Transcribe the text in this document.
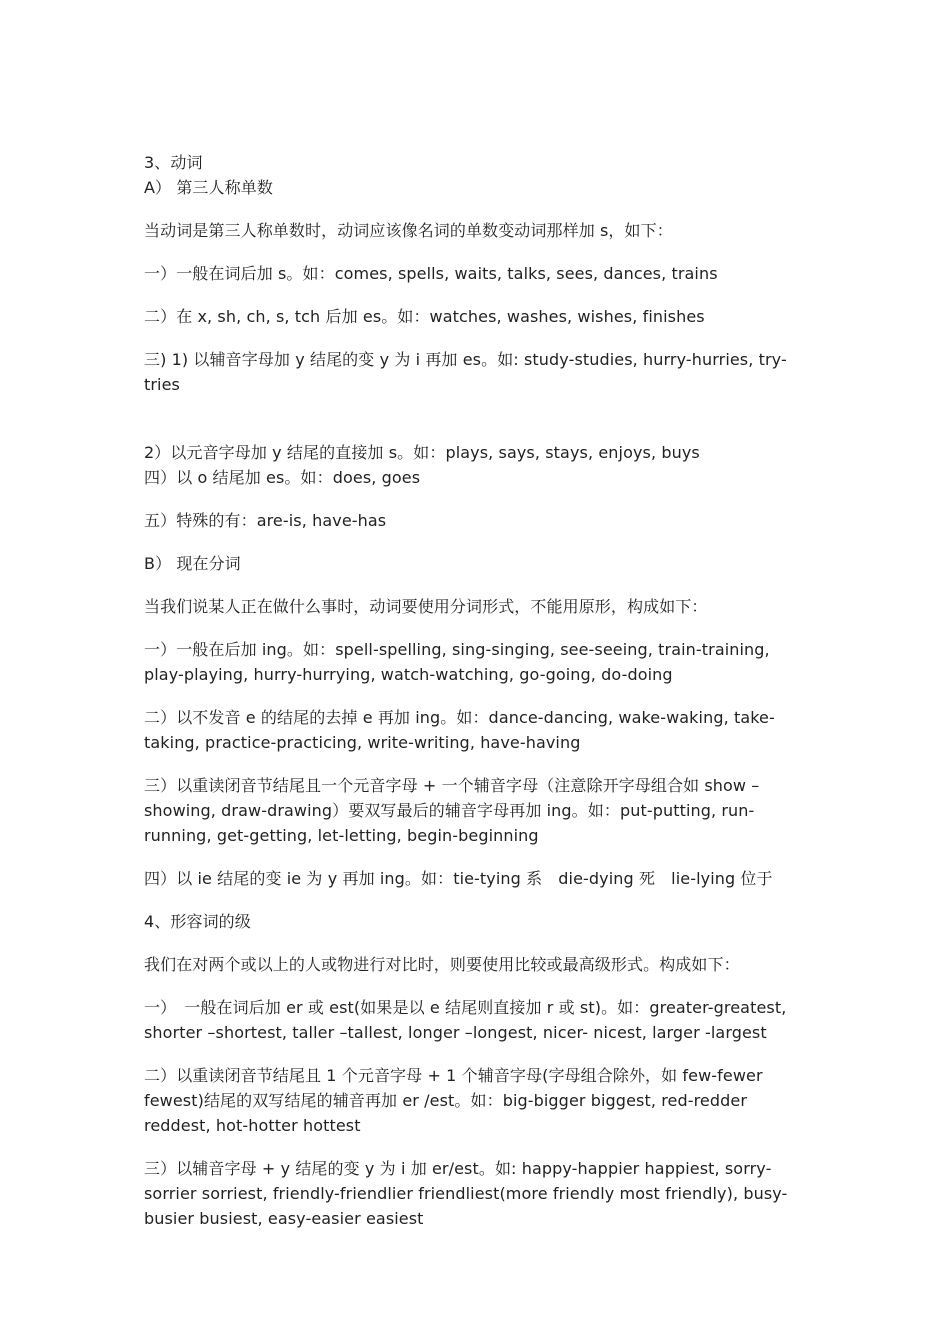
3、动词

A） 第三人称单数

当动词是第三人称单数时，动词应该像名词的单数变动词那样加 s，如下：

一）一般在词后加 s。如：comes, spells, waits, talks, sees, dances, trains

二）在 x, sh, ch, s, tch 后加 es。如：watches, washes, wishes, finishes

三) 1) 以辅音字母加 y 结尾的变 y 为 i 再加 es。如: study-studies, hurry-hurries, try-tries

2）以元音字母加 y 结尾的直接加 s。如：plays, says, stays, enjoys, buys

四）以 o 结尾加 es。如：does, goes

五）特殊的有：are-is, have-has

B） 现在分词

当我们说某人正在做什么事时，动词要使用分词形式，不能用原形，构成如下：

一）一般在后加 ing。如：spell-spelling, sing-singing, see-seeing, train-training, play-playing, hurry-hurrying, watch-watching, go-going, do-doing

二）以不发音 e 的结尾的去掉 e 再加 ing。如：dance-dancing, wake-waking, take-taking, practice-practicing, write-writing, have-having

三）以重读闭音节结尾且一个元音字母 + 一个辅音字母（注意除开字母组合如 show – showing, draw-drawing）要双写最后的辅音字母再加 ing。如：put-putting, run-running, get-getting, let-letting, begin-beginning

四）以 ie 结尾的变 ie 为 y 再加 ing。如：tie-tying 系　die-dying 死　lie-lying 位于

4、形容词的级

我们在对两个或以上的人或物进行对比时，则要使用比较或最高级形式。构成如下：

一）　一般在词后加 er 或 est(如果是以 e 结尾则直接加 r 或 st)。如：greater-greatest, shorter –shortest, taller –tallest, longer –longest, nicer- nicest, larger -largest

二）以重读闭音节结尾且 1 个元音字母 + 1 个辅音字母(字母组合除外，如 few-fewer fewest)结尾的双写结尾的辅音再加 er /est。如：big-bigger biggest, red-redder reddest, hot-hotter hottest

三）以辅音字母 + y 结尾的变 y 为 i 加 er/est。如: happy-happier happiest, sorry-sorrier sorriest, friendly-friendlier friendliest(more friendly most friendly), busy-busier busiest, easy-easier easiest
